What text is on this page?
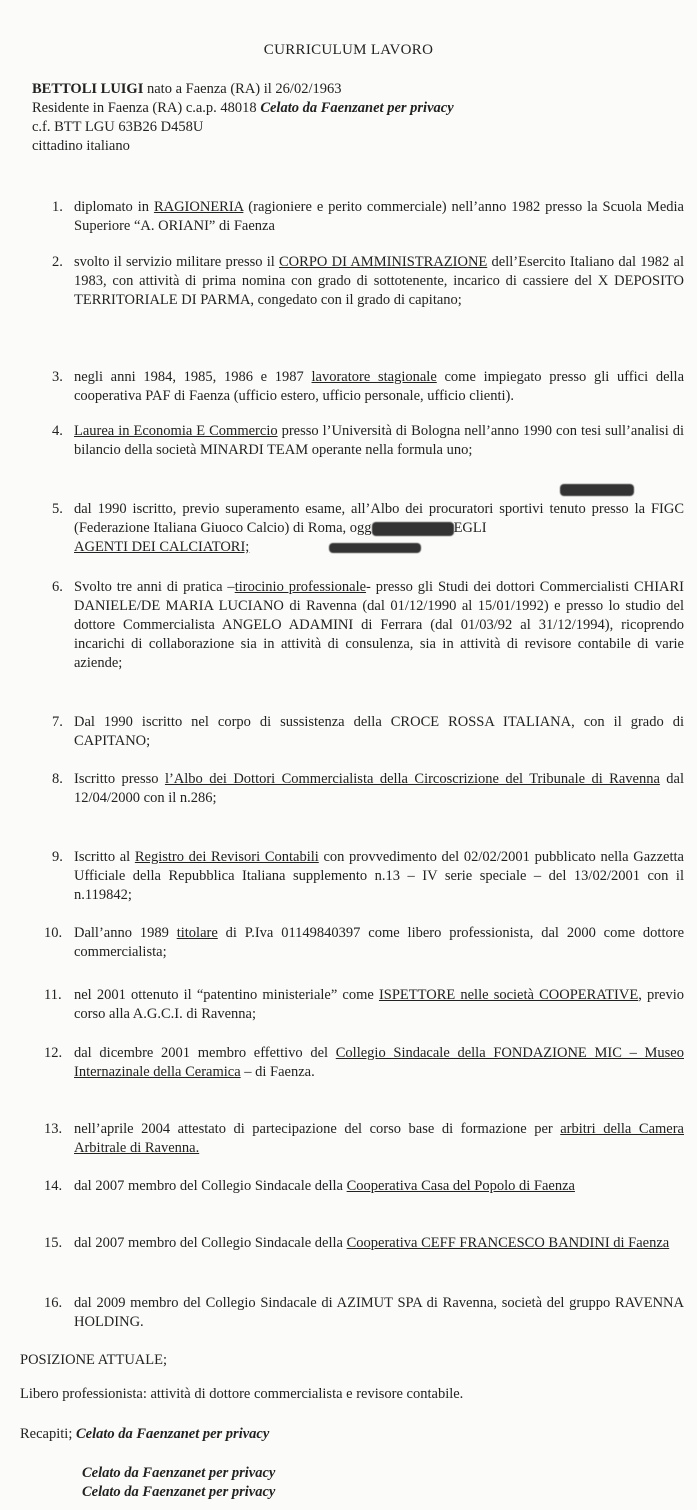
CURRICULUM LAVORO
BETTOLI LUIGI nato a Faenza (RA) il 26/02/1963
Residente in Faenza (RA) c.a.p. 48018 Celato da Faenzanet per privacy
c.f. BTT LGU 63B26 D458U
cittadino italiano
1. diplomato in RAGIONERIA (ragioniere e perito commerciale) nell’anno 1982 presso la Scuola Media Superiore “A. ORIANI” di Faenza
2. svolto il servizio militare presso il CORPO DI AMMINISTRAZIONE dell’Esercito Italiano dal 1982 al 1983, con attività di prima nomina con grado di sottotenente, incarico di cassiere del X DEPOSITO TERRITORIALE DI PARMA, congedato con il grado di capitano;
3. negli anni 1984, 1985, 1986 e 1987 lavoratore stagionale come impiegato presso gli uffici della cooperativa PAF di Faenza (ufficio estero, ufficio personale, ufficio clienti).
4. Laurea in Economia E Commercio presso l’Università di Bologna nell’anno 1990 con tesi sull’analisi di bilancio della società MINARDI TEAM operante nella formula uno;
5. dal 1990 iscritto, previo superamento esame, all’Albo dei procuratori sportivi tenuto presso la FIGC (Federazione Italiana Giuoco Calcio) di Roma, ogg	EGLI
AGENTI DEI CALCIATORI;
6. Svolto tre anni di pratica –tirocinio professionale- presso gli Studi dei dottori Commercialisti CHIARI DANIELE/DE MARIA LUCIANO di Ravenna (dal 01/12/1990 al 15/01/1992) e presso lo studio del dottore Commercialista ANGELO ADAMINI di Ferrara (dal 01/03/92 al 31/12/1994), ricoprendo incarichi di collaborazione sia in attività di consulenza, sia in attività di revisore contabile di varie aziende;
7. Dal 1990 iscritto nel corpo di sussistenza della CROCE ROSSA ITALIANA, con il grado di CAPITANO;
8. Iscritto presso l’Albo dei Dottori Commercialista della Circoscrizione del Tribunale di Ravenna dal 12/04/2000 con il n.286;
9. Iscritto al Registro dei Revisori Contabili con provvedimento del 02/02/2001 pubblicato nella Gazzetta Ufficiale della Repubblica Italiana supplemento n.13 – IV serie speciale – del 13/02/2001 con il n.119842;
10. Dall’anno 1989 titolare di P.Iva 01149840397 come libero professionista, dal 2000 come dottore commercialista;
11. nel 2001 ottenuto il “patentino ministeriale” come ISPETTORE nelle società COOPERATIVE, previo corso alla A.G.C.I. di Ravenna;
12. dal dicembre 2001 membro effettivo del Collegio Sindacale della FONDAZIONE MIC – Museo Internazinale della Ceramica – di Faenza.
13. nell’aprile 2004 attestato di partecipazione del corso base di formazione per arbitri della Camera Arbitrale di Ravenna.
14. dal 2007 membro del Collegio Sindacale della Cooperativa Casa del Popolo di Faenza
15. dal 2007 membro del Collegio Sindacale della Cooperativa CEFF FRANCESCO BANDINI di Faenza
16. dal 2009 membro del Collegio Sindacale di AZIMUT SPA di Ravenna, società del gruppo RAVENNA HOLDING.
POSIZIONE ATTUALE;
Libero professionista: attività di dottore commercialista e revisore contabile.
Recapiti; Celato da Faenzanet per privacy
Celato da Faenzanet per privacy
Celato da Faenzanet per privacy
